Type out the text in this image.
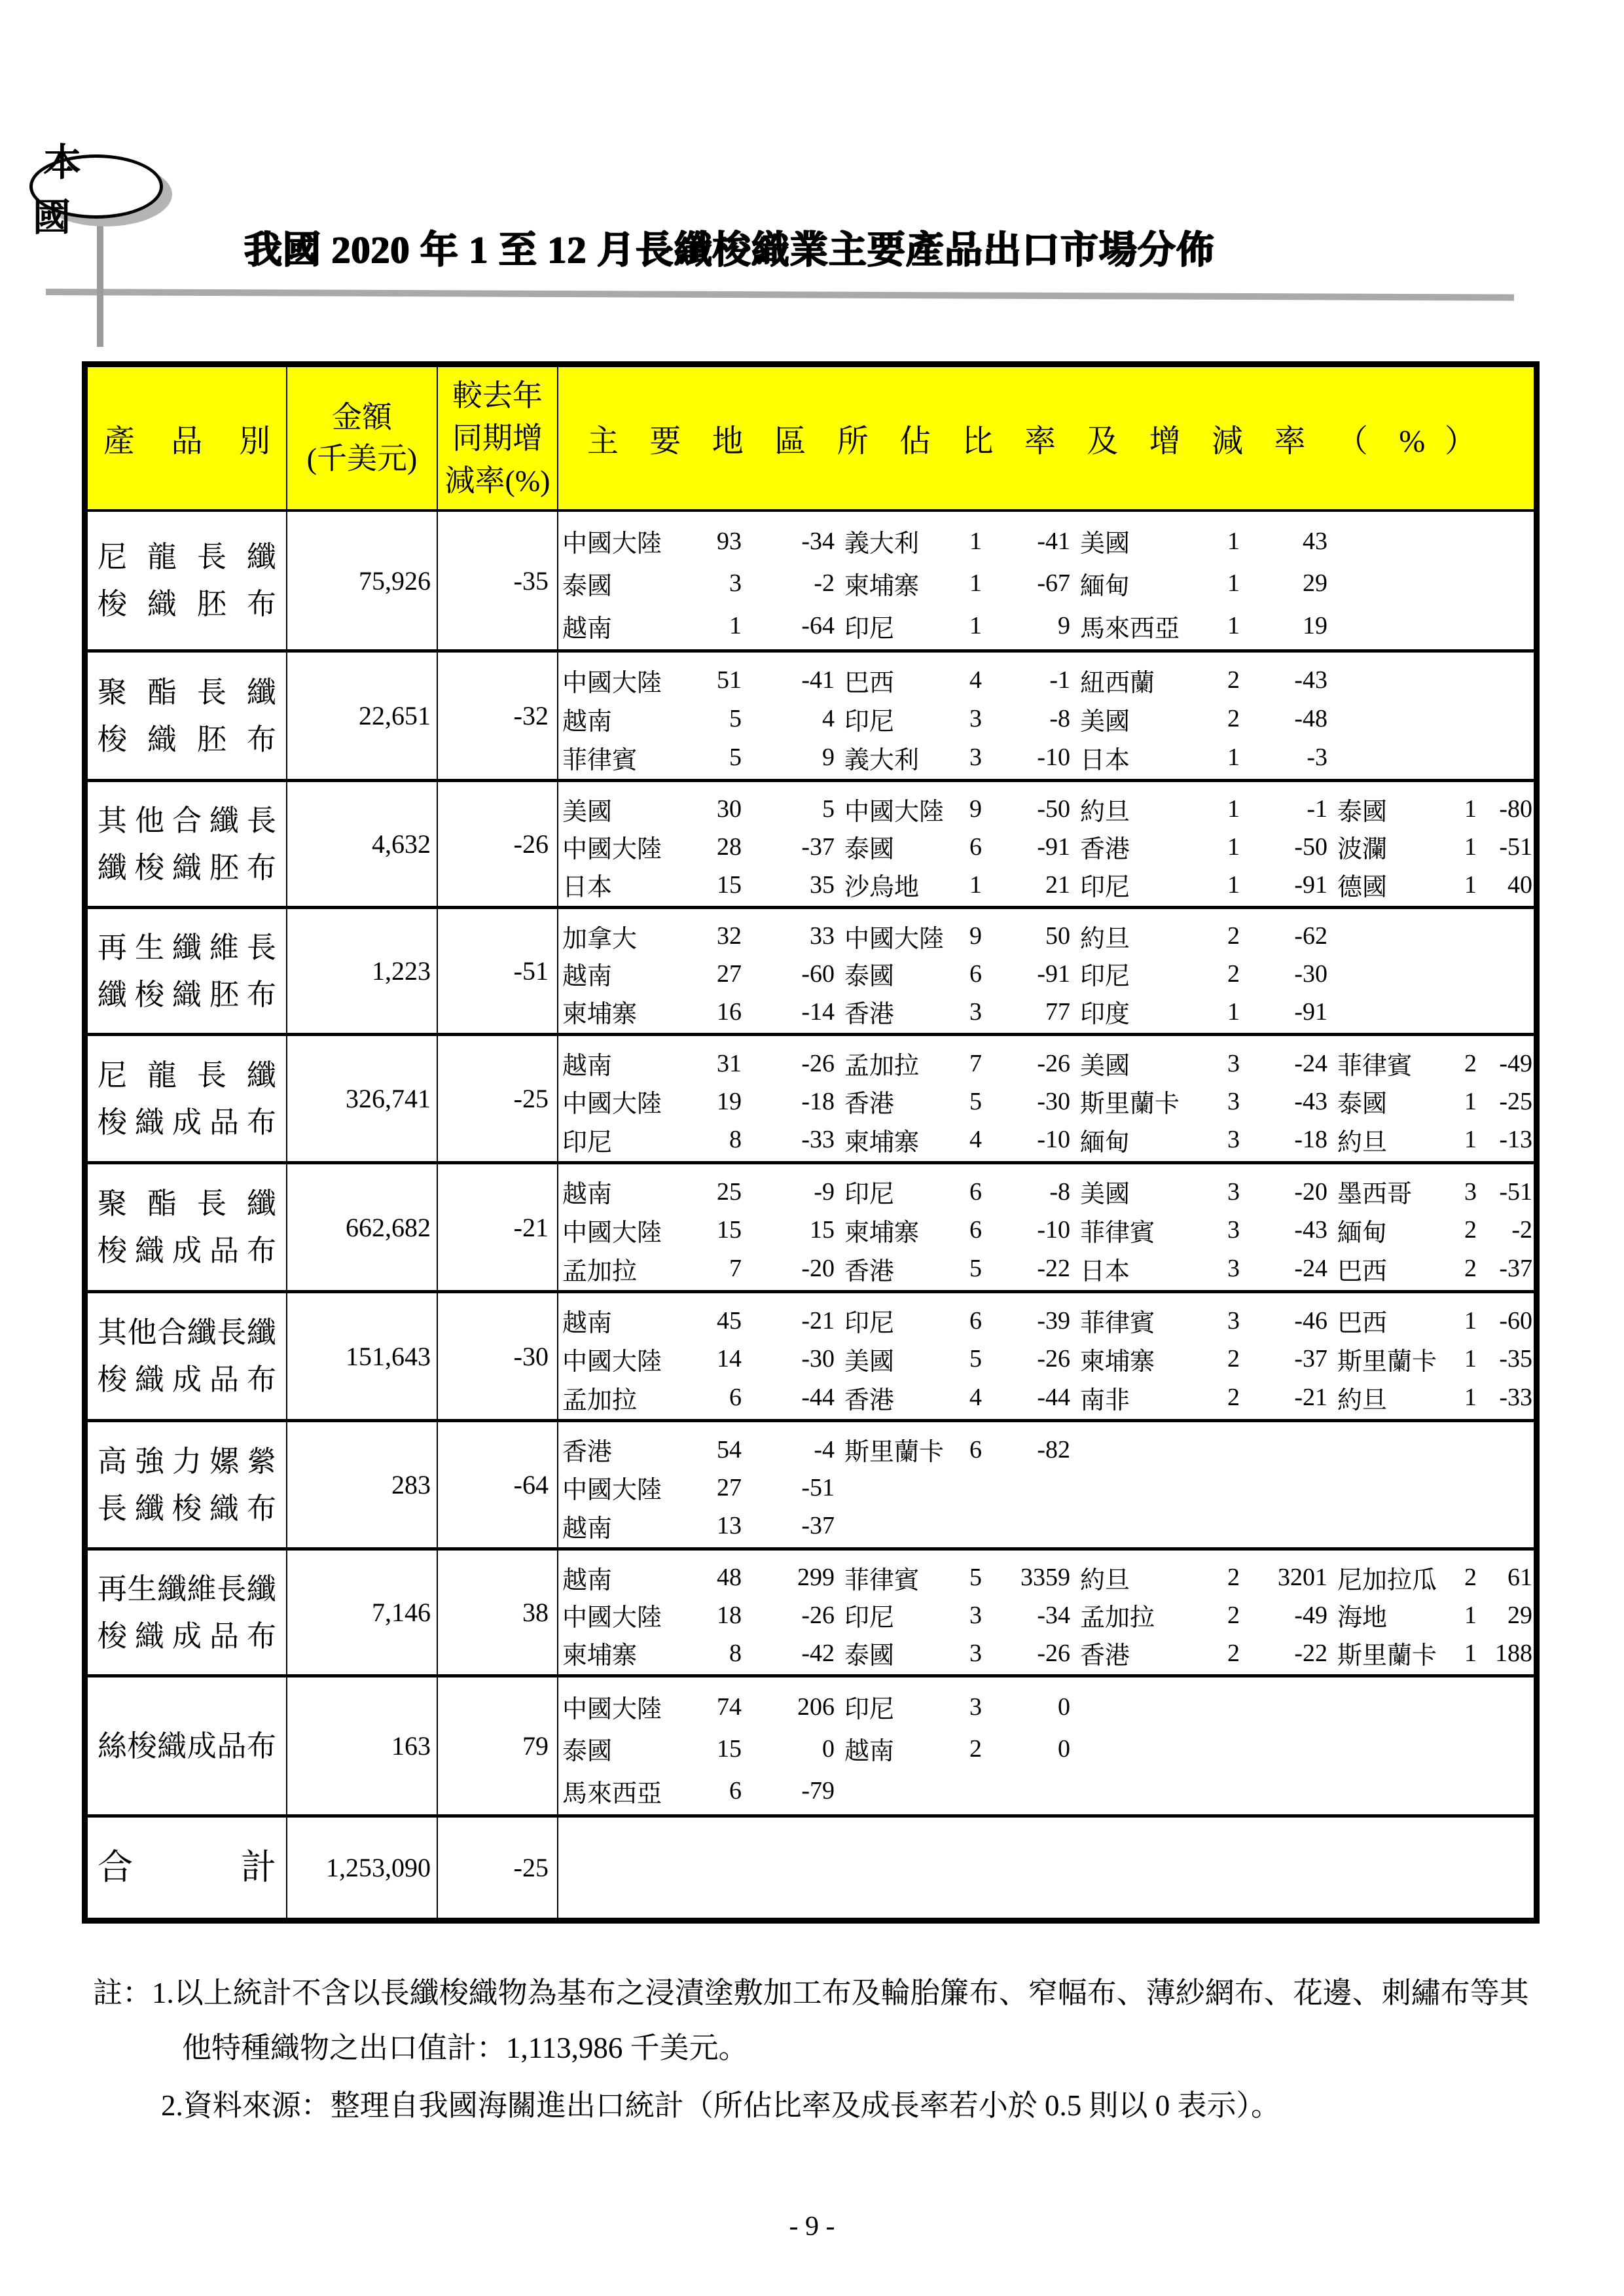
本 國
我國 2020 年 1 至 12 月長纖梭織業主要產品出口市場分佈
產 品 別
金額
(千美元)
較去年
同期增
減率(%)
主 要 地 區 所 佔 比 率 及 增 減 率 （ % ）
尼 龍 長 纖
梭 織 胚 布
75,926	-35
中國大陸	93	-34 義大利	1	-41 美國	1	43
泰國	3	-2 柬埔寨	1	-67 緬甸	1	29
越南	1	-64 印尼	1	9 馬來西亞	1	19
聚 酯 長 纖
梭 織 胚 布
22,651	-32
中國大陸	51	-41 巴西	4	-1 紐西蘭	2	-43
越南	5	4 印尼	3	-8 美國	2	-48
菲律賓	5	9 義大利	3	-10 日本	1	-3
其他合纖長
纖梭織胚布
4,632	-26
美國	30	5 中國大陸	9	-50 約旦	1	-1 泰國	1 -80
中國大陸	28	-37 泰國	6	-91 香港	1	-50 波瀾	1 -51
日本	15	35 沙烏地	1	21 印尼	1	-91 德國	1	40
再生纖維長
纖梭織胚布
1,223	-51
加拿大	32	33 中國大陸	9	50 約旦	2	-62
越南	27	-60 泰國	6	-91 印尼	2	-30
柬埔寨	16	-14 香港	3	77 印度	1	-91
尼 龍 長 纖
梭織成品布
326,741	-25
越南	31	-26 孟加拉	7	-26 美國	3	-24 菲律賓	2 -49
中國大陸	19	-18 香港	5	-30 斯里蘭卡	3	-43 泰國	1 -25
印尼	8	-33 柬埔寨	4	-10 緬甸	3	-18 約旦	1 -13
聚 酯 長 纖
梭織成品布
662,682	-21
越南	25	-9 印尼	6	-8 美國	3	-20 墨西哥	3 -51
中國大陸	15	15 柬埔寨	6	-10 菲律賓	3	-43 緬甸	2	-2
孟加拉	7	-20 香港	5	-22 日本	3	-24 巴西	2 -37
其他合纖長纖
梭織成品布
151,643	-30
越南	45	-21 印尼	6	-39 菲律賓	3	-46 巴西	1 -60
中國大陸	14	-30 美國	5	-26 柬埔寨	2	-37 斯里蘭卡	1 -35
孟加拉	6	-44 香港	4	-44 南非	2	-21 約旦	1 -33
高強力嫘縈
長纖梭織布
283	-64
香港	54	-4 斯里蘭卡	6	-82
中國大陸	27	-51
越南	13	-37
再生纖維長纖
梭織成品布
7,146	38
越南	48	299 菲律賓	5	3359 約旦	2	3201 尼加拉瓜	2	61
中國大陸	18	-26 印尼	3	-34 孟加拉	2	-49 海地	1	29
柬埔寨	8	-42 泰國	3	-26 香港	2	-22 斯里蘭卡	1 188
絲梭織成品布	163	79
中國大陸	74	206 印尼	3	0
泰國	15	0 越南	2	0
馬來西亞	6	-79
合 計	1,253,090	-25
註：1.以上統計不含以長纖梭織物為基布之浸漬塗敷加工布及輪胎簾布、窄幅布、薄紗網布、花邊、刺繡布等其
他特種織物之出口值計：1,113,986 千美元。
2.資料來源：整理自我國海關進出口統計（所佔比率及成長率若小於 0.5 則以 0 表示）。
- 9 -
